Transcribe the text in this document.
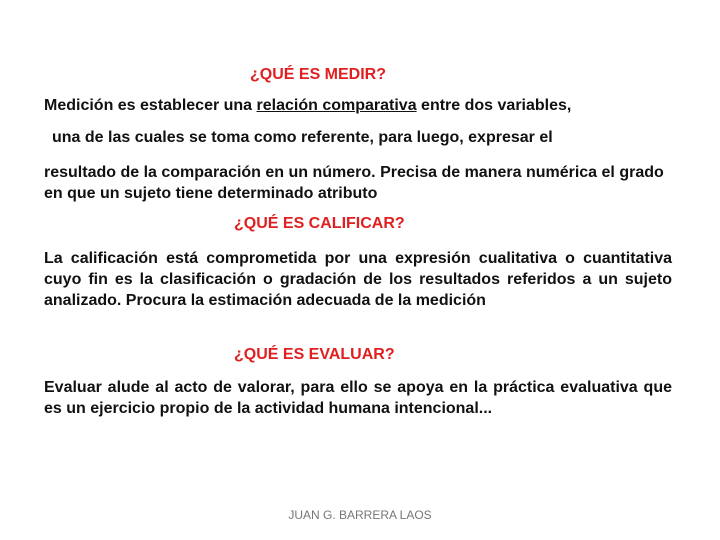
¿QUÉ ES MEDIR?

Medición es establecer una relación comparativa entre dos variables,

una de las cuales se toma como referente, para luego, expresar el

resultado de la comparación en un número. Precisa de manera numérica el grado en que un sujeto tiene determinado atributo

¿QUÉ ES CALIFICAR?

La calificación está comprometida por una expresión cualitativa o cuantitativa cuyo fin es la clasificación o gradación de los resultados referidos a un sujeto analizado. Procura la estimación adecuada de la medición

¿QUÉ ES EVALUAR?

Evaluar alude al acto de valorar, para ello se apoya en la práctica evaluativa que es un ejercicio propio de la actividad humana intencional...

JUAN G. BARRERA LAOS
